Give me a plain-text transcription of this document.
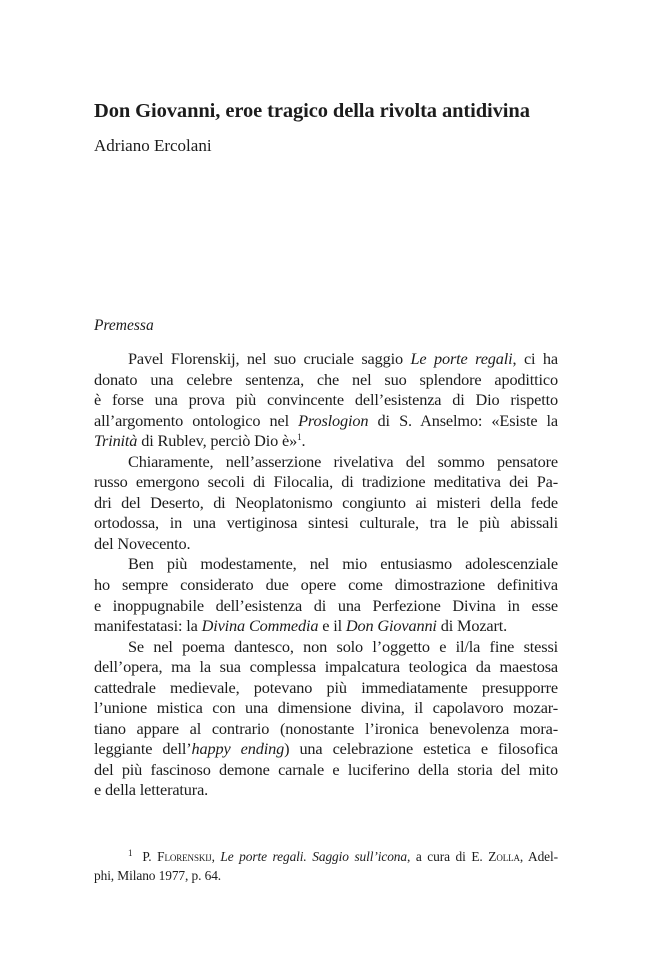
Don Giovanni, eroe tragico della rivolta antidivina
Adriano Ercolani
Premessa
Pavel Florenskij, nel suo cruciale saggio Le porte regali, ci ha
donato una celebre sentenza, che nel suo splendore apodittico
è forse una prova più convincente dell’esistenza di Dio rispetto
all’argomento ontologico nel Proslogion di S. Anselmo: «Esiste la
Trinità di Rublev, perciò Dio è»$^1$.
Chiaramente, nell’asserzione rivelativa del sommo pensatore
russo emergono secoli di Filocalia, di tradizione meditativa dei Pa-
dri del Deserto, di Neoplatonismo congiunto ai misteri della fede
ortodossa, in una vertiginosa sintesi culturale, tra le più abissali
del Novecento.
Ben più modestamente, nel mio entusiasmo adolescenziale
ho sempre considerato due opere come dimostrazione definitiva
e inoppugnabile dell’esistenza di una Perfezione Divina in esse
manifestatasi: la Divina Commedia e il Don Giovanni di Mozart.
Se nel poema dantesco, non solo l’oggetto e il/la fine stessi
dell’opera, ma la sua complessa impalcatura teologica da maestosa
cattedrale medievale, potevano più immediatamente presupporre
l’unione mistica con una dimensione divina, il capolavoro mozar-
tiano appare al contrario (nonostante l’ironica benevolenza mora-
leggiante dell’happy ending) una celebrazione estetica e filosofica
del più fascinoso demone carnale e luciferino della storia del mito
e della letteratura.
$^1$ P. Florenskij, Le porte regali. Saggio sull’icona, a cura di E. Zolla, Adel-
phi, Milano 1977, p. 64.
